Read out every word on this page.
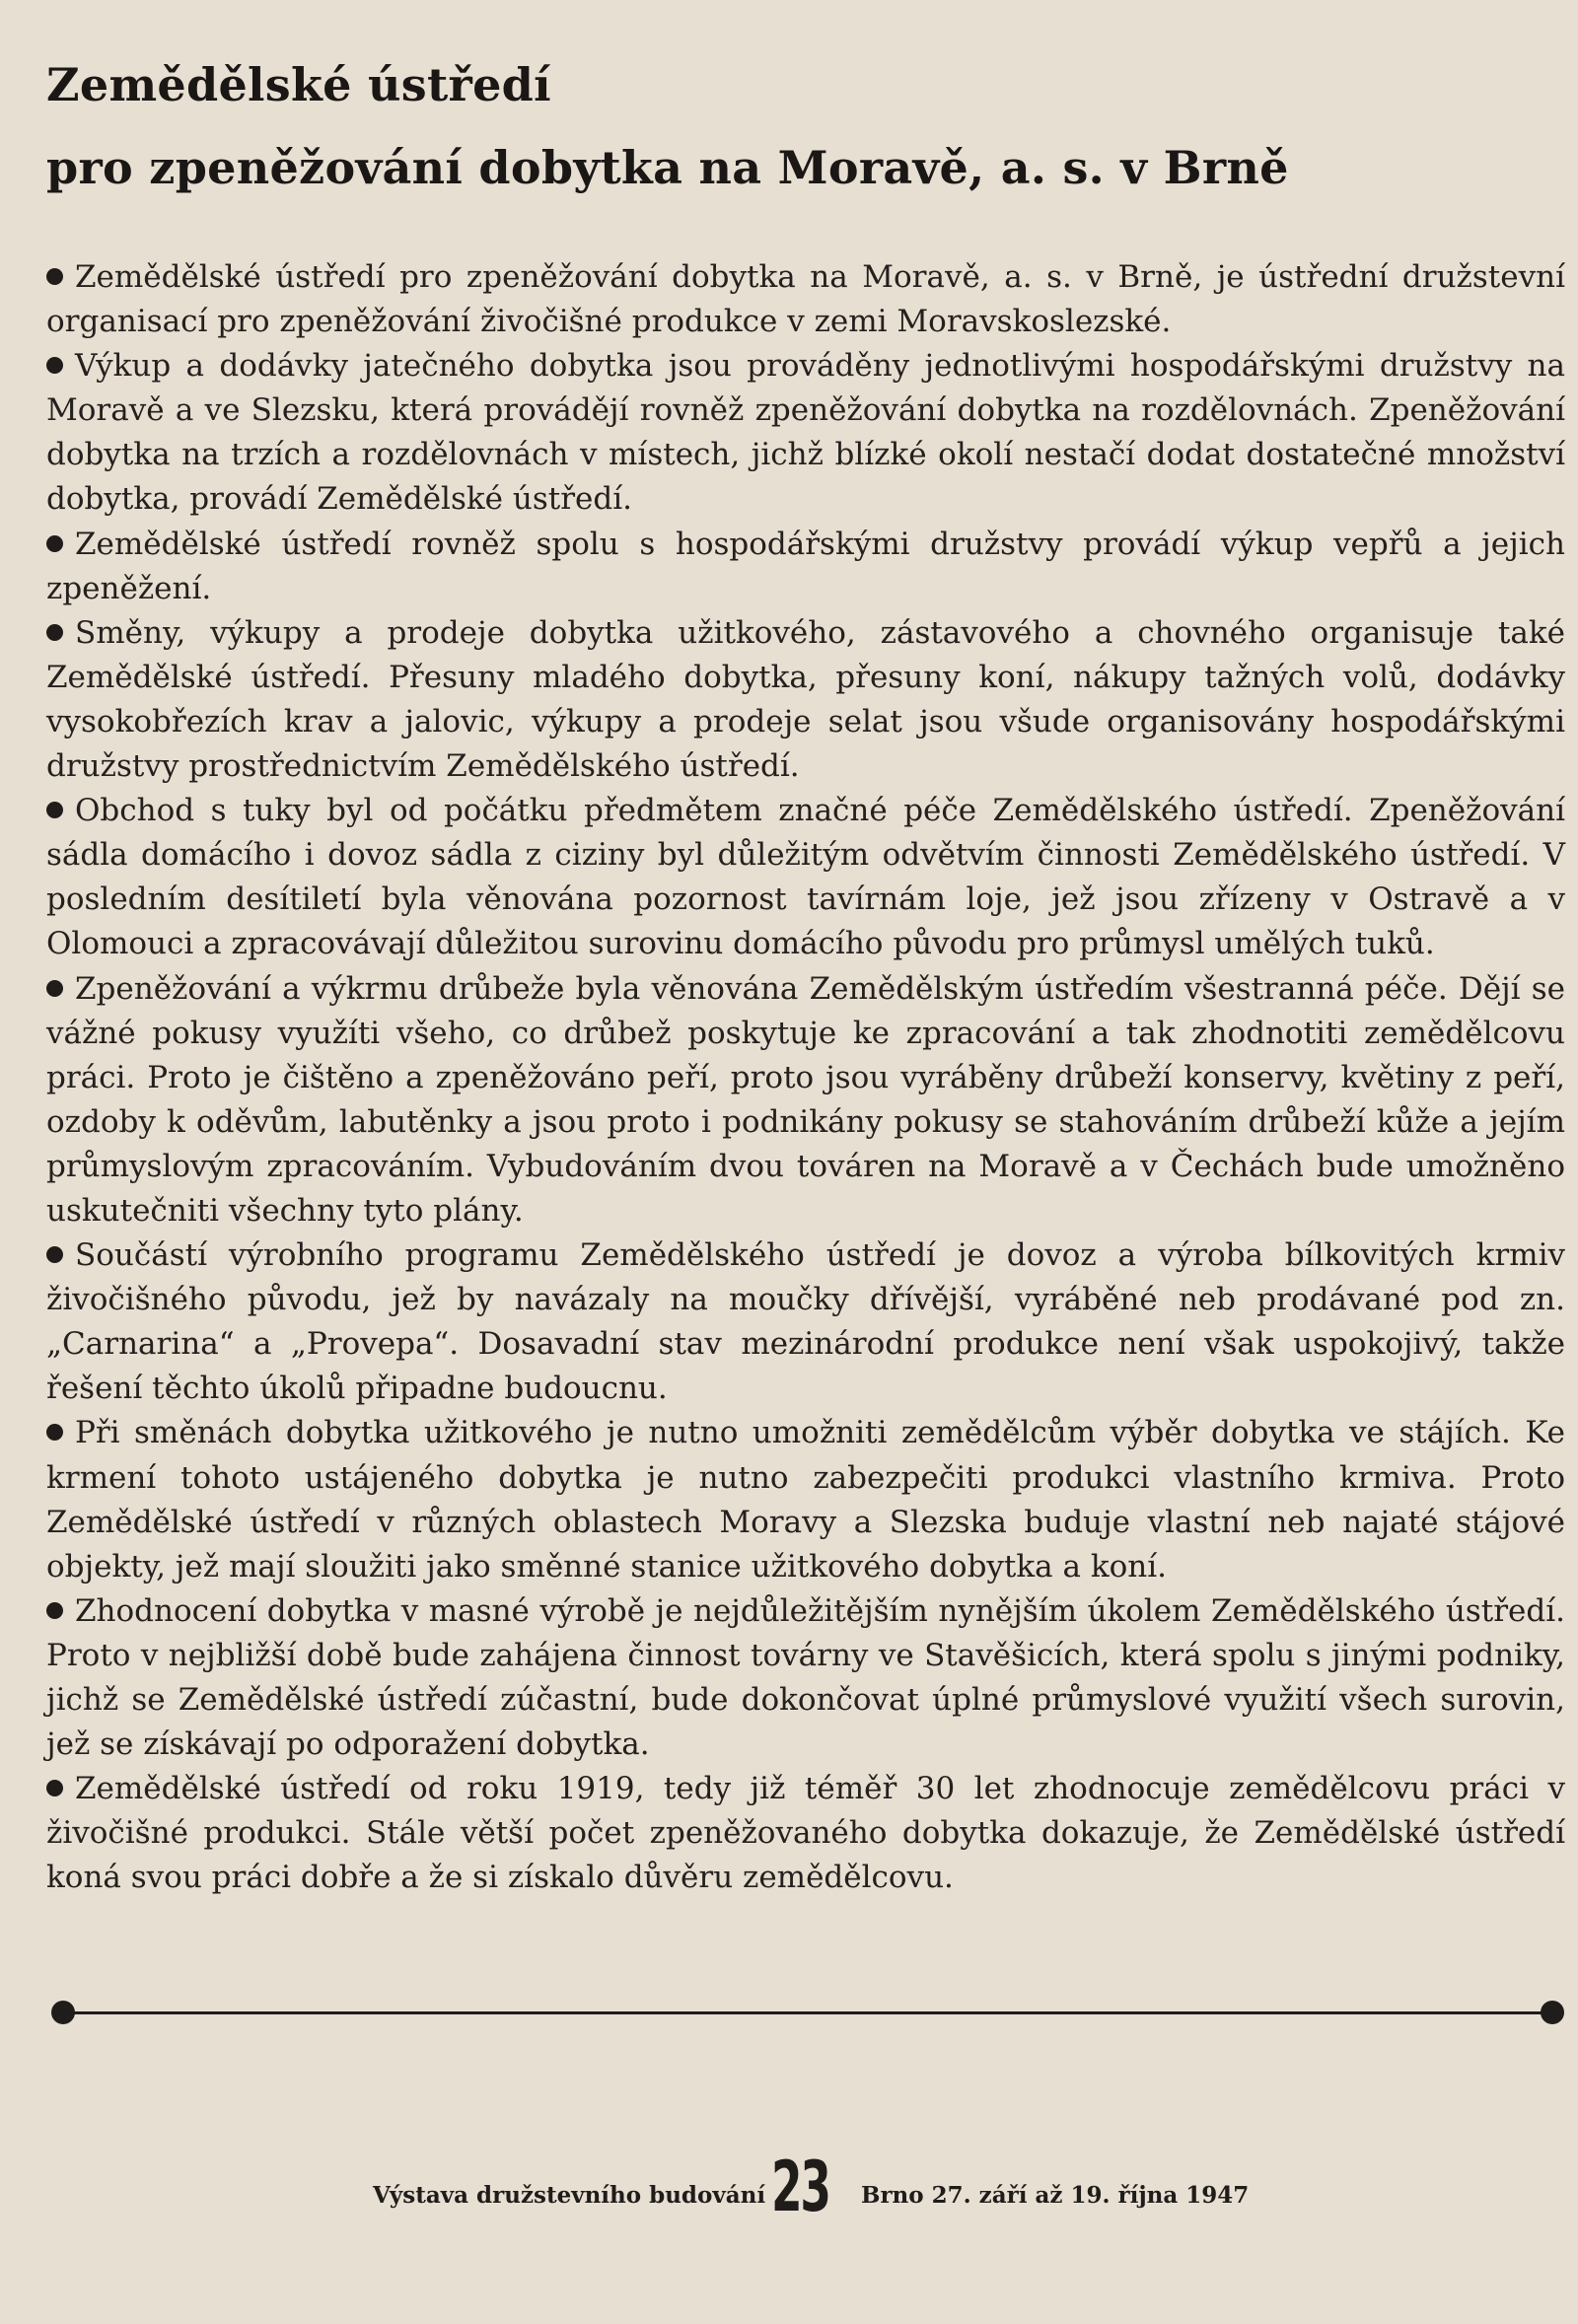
Zemědělské ústředí
pro zpeněžování dobytka na Moravě, a. s. v Brně

Zemědělské ústředí pro zpeněžování dobytka na Moravě, a. s. v Brně, je ústřední družstevní organisací pro zpeněžování živočišné produkce v zemi Moravskoslezské.

Výkup a dodávky jatečného dobytka jsou prováděny jednotlivými hospodářskými družstvy na Moravě a ve Slezsku, která provádějí rovněž zpeněžování dobytka na rozdělovnách. Zpeněžování dobytka na trzích a rozdělovnách v místech, jichž blízké okolí nestačí dodat dostatečné množství dobytka, provádí Zemědělské ústředí.

Zemědělské ústředí rovněž spolu s hospodářskými družstvy provádí výkup vepřů a jejich zpeněžení.

Směny, výkupy a prodeje dobytka užitkového, zástavového a chovného organisuje také Zemědělské ústředí. Přesuny mladého dobytka, přesuny koní, nákupy tažných volů, dodávky vysokobřezích krav a jalovic, výkupy a prodeje selat jsou všude organisovány hospodářskými družstvy prostřednictvím Zemědělského ústředí.

Obchod s tuky byl od počátku předmětem značné péče Zemědělského ústředí. Zpeněžování sádla domácího i dovoz sádla z ciziny byl důležitým odvětvím činnosti Zemědělského ústředí. V posledním desítiletí byla věnována pozornost tavírnám loje, jež jsou zřízeny v Ostravě a v Olomouci a zpracovávají důležitou surovinu domácího původu pro průmysl umělých tuků.

Zpeněžování a výkrmu drůbeže byla věnována Zemědělským ústředím všestranná péče. Dějí se vážné pokusy využíti všeho, co drůbež poskytuje ke zpracování a tak zhodnotiti zemědělcovu práci. Proto je čištěno a zpeněžováno peří, proto jsou vyráběny drůbeží konservy, květiny z peří, ozdoby k oděvům, labutěnky a jsou proto i podnikány pokusy se stahováním drůbeží kůže a jejím průmyslovým zpracováním. Vybudováním dvou továren na Moravě a v Čechách bude umožněno uskutečniti všechny tyto plány.

Součástí výrobního programu Zemědělského ústředí je dovoz a výroba bílkovitých krmiv živočišného původu, jež by navázaly na moučky dřívější, vyráběné neb prodávané pod zn. „Carnarina“ a „Provepa“. Dosavadní stav mezinárodní produkce není však uspokojivý, takže řešení těchto úkolů připadne budoucnu.

Při směnách dobytka užitkového je nutno umožniti zemědělcům výběr dobytka ve stájích. Ke krmení tohoto ustájeného dobytka je nutno zabezpečiti produkci vlastního krmiva. Proto Zemědělské ústředí v různých oblastech Moravy a Slezska buduje vlastní neb najaté stájové objekty, jež mají sloužiti jako směnné stanice užitkového dobytka a koní.

Zhodnocení dobytka v masné výrobě je nejdůležitějším nynějším úkolem Zemědělského ústředí. Proto v nejbližší době bude zahájena činnost továrny ve Stavěšicích, která spolu s jinými podniky, jichž se Zemědělské ústředí zúčastní, bude dokončovat úplné průmyslové využití všech surovin, jež se získávají po odporažení dobytka.

Zemědělské ústředí od roku 1919, tedy již téměř 30 let zhodnocuje zemědělcovu práci v živočišné produkci. Stále větší počet zpeněžovaného dobytka dokazuje, že Zemědělské ústředí koná svou práci dobře a že si získalo důvěru zemědělcovu.

Výstava družstevního budování 23 Brno 27. září až 19. října 1947
